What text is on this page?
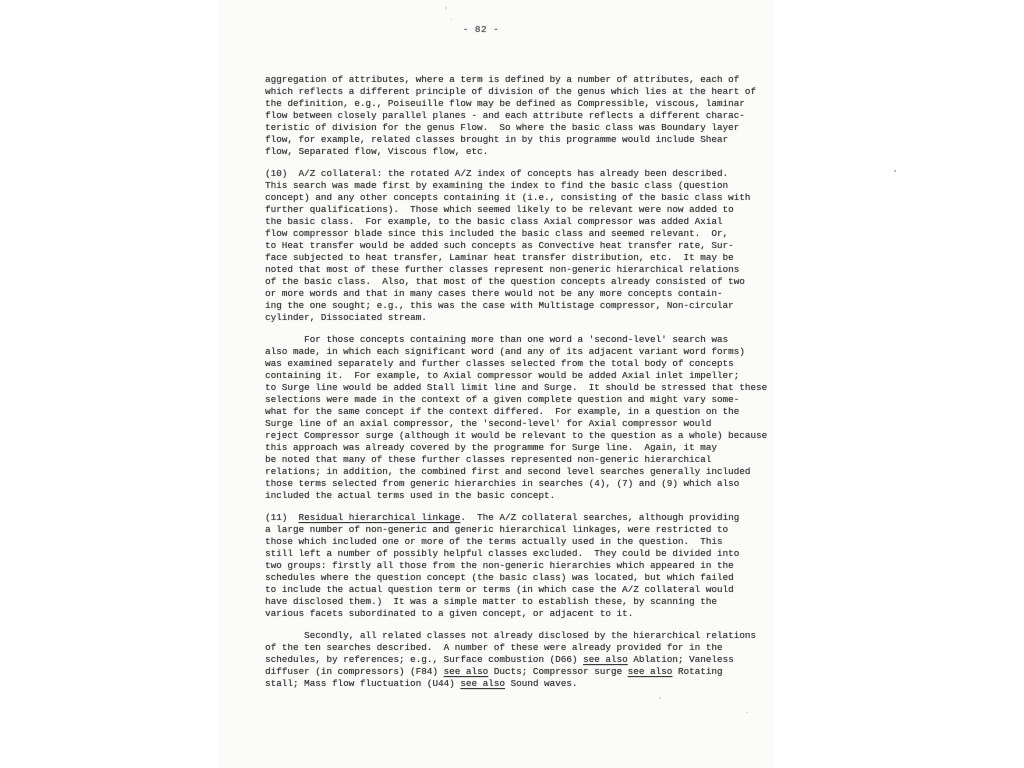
- 82 -
aggregation of attributes, where a term is defined by a number of attributes, each of
which reflects a different principle of division of the genus which lies at the heart of
the definition, e.g., Poiseuille flow may be defined as Compressible, viscous, laminar
flow between closely parallel planes - and each attribute reflects a different charac-
teristic of division for the genus Flow.  So where the basic class was Boundary layer
flow, for example, related classes brought in by this programme would include Shear
flow, Separated flow, Viscous flow, etc.
(10)  A/Z collateral: the rotated A/Z index of concepts has already been described.
This search was made first by examining the index to find the basic class (question
concept) and any other concepts containing it (i.e., consisting of the basic class with
further qualifications).  Those which seemed likely to be relevant were now added to
the basic class.  For example, to the basic class Axial compressor was added Axial
flow compressor blade since this included the basic class and seemed relevant.  Or,
to Heat transfer would be added such concepts as Convective heat transfer rate, Sur-
face subjected to heat transfer, Laminar heat transfer distribution, etc.  It may be
noted that most of these further classes represent non-generic hierarchical relations
of the basic class.  Also, that most of the question concepts already consisted of two
or more words and that in many cases there would not be any more concepts contain-
ing the one sought; e.g., this was the case with Multistage compressor, Non-circular
cylinder, Dissociated stream.
For those concepts containing more than one word a 'second-level' search was
also made, in which each significant word (and any of its adjacent variant word forms)
was examined separately and further classes selected from the total body of concepts
containing it.  For example, to Axial compressor would be added Axial inlet impeller;
to Surge line would be added Stall limit line and Surge.  It should be stressed that these
selections were made in the context of a given complete question and might vary some-
what for the same concept if the context differed.  For example, in a question on the
Surge line of an axial compressor, the 'second-level' for Axial compressor would
reject Compressor surge (although it would be relevant to the question as a whole) because
this approach was already covered by the programme for Surge line.  Again, it may
be noted that many of these further classes represented non-generic hierarchical
relations; in addition, the combined first and second level searches generally included
those terms selected from generic hierarchies in searches (4), (7) and (9) which also
included the actual terms used in the basic concept.
(11)  Residual hierarchical linkage.  The A/Z collateral searches, although providing
a large number of non-generic and generic hierarchical linkages, were restricted to
those which included one or more of the terms actually used in the question.  This
still left a number of possibly helpful classes excluded.  They could be divided into
two groups: firstly all those from the non-generic hierarchies which appeared in the
schedules where the question concept (the basic class) was located, but which failed
to include the actual question term or terms (in which case the A/Z collateral would
have disclosed them.)  It was a simple matter to establish these, by scanning the
various facets subordinated to a given concept, or adjacent to it.
Secondly, all related classes not already disclosed by the hierarchical relations
of the ten searches described.  A number of these were already provided for in the
schedules, by references; e.g., Surface combustion (D66) see also Ablation; Vaneless
diffuser (in compressors) (F84) see also Ducts; Compressor surge see also Rotating
stall; Mass flow fluctuation (U44) see also Sound waves.
